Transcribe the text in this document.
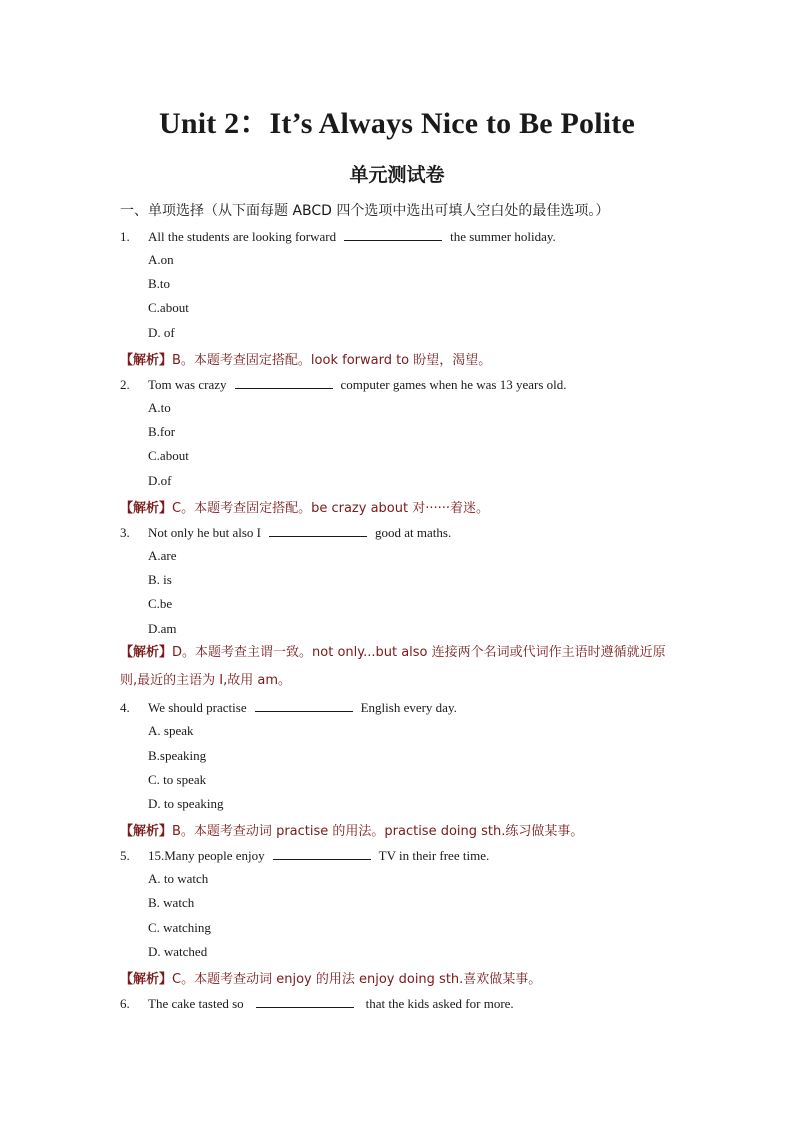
Unit 2：It’s Always Nice to Be Polite
单元测试卷
一、单项选择（从下面每题 ABCD 四个选项中选出可填人空白处的最佳选项。）
1. All the students are looking forward	the summer holiday.
A.on
B.to
C.about
D. of
【解析】B。本题考查固定搭配。look forward to 盼望，渴望。
2. Tom was crazy	computer games when he was 13 years old.
A.to
B.for
C.about
D.of
【解析】C。本题考查固定搭配。be crazy about 对······着迷。
3. Not only he but also I	good at maths.
A.are
B. is
C.be
D.am
【解析】D。本题考查主谓一致。not only...but also 连接两个名词或代词作主语时遵循就近原则,最近的主语为 I,故用 am。
4. We should practise	English every day.
A. speak
B.speaking
C. to speak
D. to speaking
【解析】B。本题考查动词 practise 的用法。practise doing sth.练习做某事。
5. 15.Many people enjoy	TV in their free time.
A. to watch
B. watch
C. watching
D. watched
【解析】C。本题考查动词 enjoy 的用法 enjoy doing sth.喜欢做某事。
6. The cake tasted so	that the kids asked for more.
